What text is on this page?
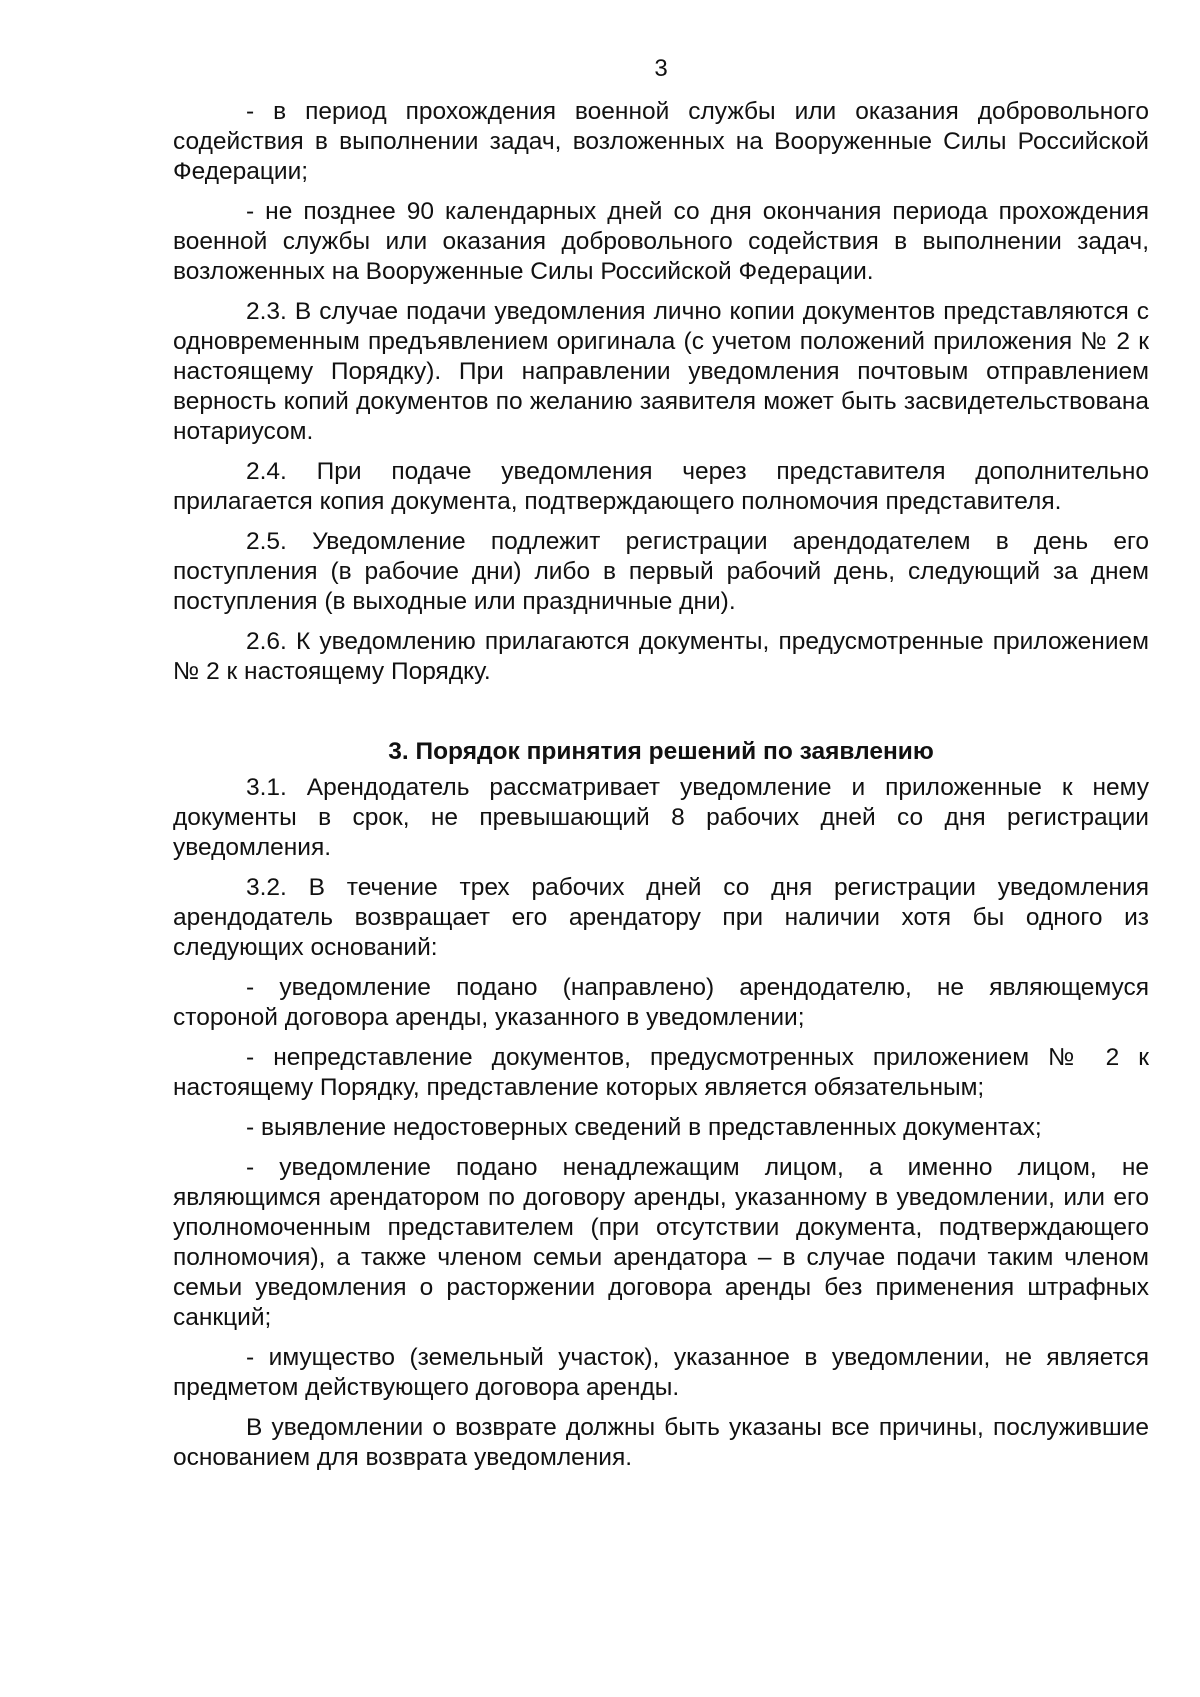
3

- в период прохождения военной службы или оказания добровольного содействия в выполнении задач, возложенных на Вооруженные Силы Российской Федерации;

- не позднее 90 календарных дней со дня окончания периода прохождения военной службы или оказания добровольного содействия в выполнении задач, возложенных на Вооруженные Силы Российской Федерации.

2.3. В случае подачи уведомления лично копии документов представляются с одновременным предъявлением оригинала (с учетом положений приложения № 2 к настоящему Порядку). При направлении уведомления почтовым отправлением верность копий документов по желанию заявителя может быть засвидетельствована нотариусом.

2.4. При подаче уведомления через представителя дополнительно прилагается копия документа, подтверждающего полномочия представителя.

2.5. Уведомление подлежит регистрации арендодателем в день его поступления (в рабочие дни) либо в первый рабочий день, следующий за днем поступления (в выходные или праздничные дни).

2.6. К уведомлению прилагаются документы, предусмотренные приложением № 2 к настоящему Порядку.

3. Порядок принятия решений по заявлению

3.1. Арендодатель рассматривает уведомление и приложенные к нему документы в срок, не превышающий 8 рабочих дней со дня регистрации уведомления.

3.2. В течение трех рабочих дней со дня регистрации уведомления арендодатель возвращает его арендатору при наличии хотя бы одного из следующих оснований:

- уведомление подано (направлено) арендодателю, не являющемуся стороной договора аренды, указанного в уведомлении;

- непредставление документов, предусмотренных приложением № 2 к настоящему Порядку, представление которых является обязательным;

- выявление недостоверных сведений в представленных документах;

- уведомление подано ненадлежащим лицом, а именно лицом, не являющимся арендатором по договору аренды, указанному в уведомлении, или его уполномоченным представителем (при отсутствии документа, подтверждающего полномочия), а также членом семьи арендатора – в случае подачи таким членом семьи уведомления о расторжении договора аренды без применения штрафных санкций;

- имущество (земельный участок), указанное в уведомлении, не является предметом действующего договора аренды.

В уведомлении о возврате должны быть указаны все причины, послужившие основанием для возврата уведомления.
